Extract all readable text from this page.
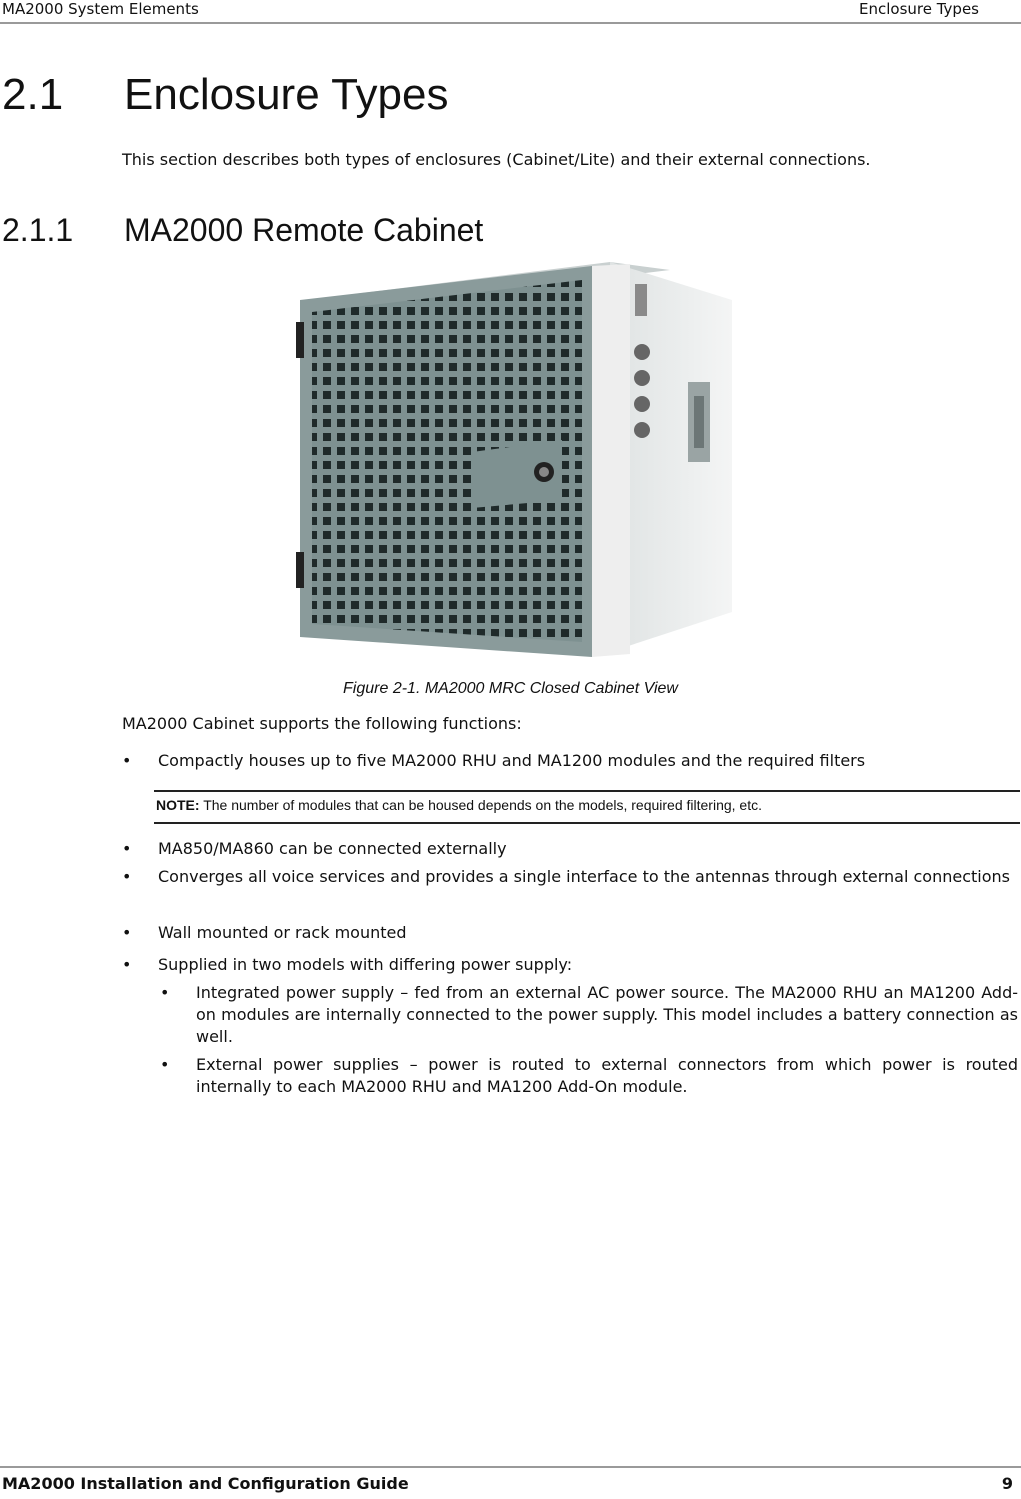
MA2000 System Elements	Enclosure Types
2.1 Enclosure Types

This section describes both types of enclosures (Cabinet/Lite) and their external connections.

2.1.1 MA2000 Remote Cabinet
Figure 2-1. MA2000 MRC Closed Cabinet View

MA2000 Cabinet supports the following functions:

•	Compactly houses up to five MA2000 RHU and MA1200 modules and the required filters
NOTE: The number of modules that can be housed depends on the models, required filtering, etc.
•	MA850/MA860 can be connected externally
•	Converges all voice services and provides a single interface to the antennas through external connections
•	Wall mounted or rack mounted
•	Supplied in two models with differing power supply:
•	Integrated power supply – fed from an external AC power source. The MA2000 RHU an MA1200 Add-on modules are internally connected to the power supply. This model includes a battery connection as well.
•	External power supplies – power is routed to external connectors from which power is routed internally to each MA2000 RHU and MA1200 Add-On module.
MA2000 Installation and Configuration Guide	9
